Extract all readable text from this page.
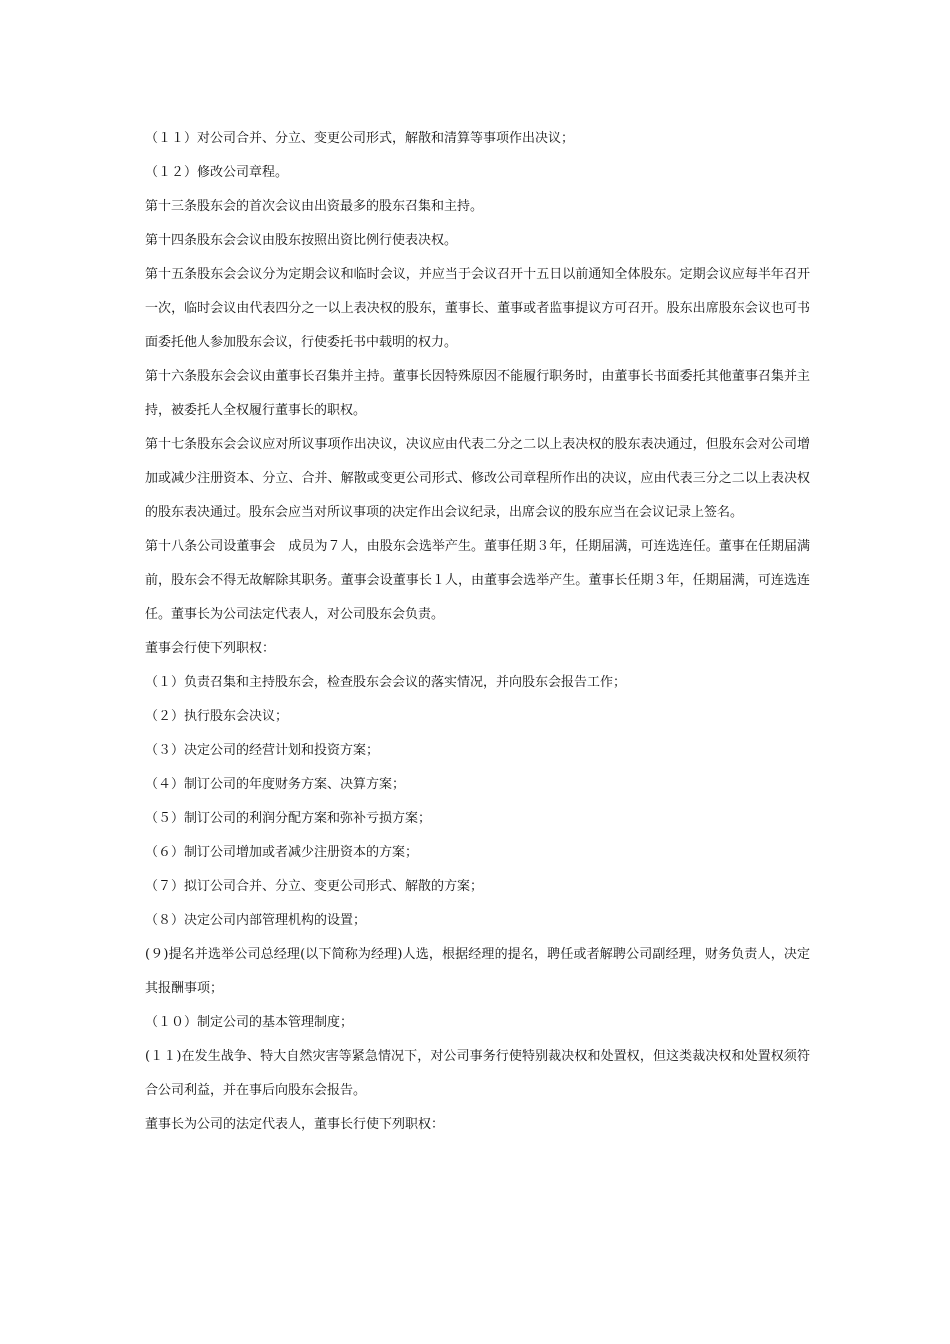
（１１）对公司合并、分立、变更公司形式，解散和清算等事项作出决议；

（１２）修改公司章程。

第十三条股东会的首次会议由出资最多的股东召集和主持。

第十四条股东会会议由股东按照出资比例行使表决权。

第十五条股东会会议分为定期会议和临时会议，并应当于会议召开十五日以前通知全体股东。定期会议应每半年召开一次，临时会议由代表四分之一以上表决权的股东，董事长、董事或者监事提议方可召开。股东出席股东会议也可书面委托他人参加股东会议，行使委托书中载明的权力。

第十六条股东会会议由董事长召集并主持。董事长因特殊原因不能履行职务时，由董事长书面委托其他董事召集并主持，被委托人全权履行董事长的职权。

第十七条股东会会议应对所议事项作出决议，决议应由代表二分之二以上表决权的股东表决通过，但股东会对公司增加或减少注册资本、分立、合并、解散或变更公司形式、修改公司章程所作出的决议，应由代表三分之二以上表决权的股东表决通过。股东会应当对所议事项的决定作出会议纪录，出席会议的股东应当在会议记录上签名。

第十八条公司设董事会　成员为７人，由股东会选举产生。董事任期３年，任期届满，可连选连任。董事在任期届满前，股东会不得无故解除其职务。董事会设董事长１人，由董事会选举产生。董事长任期３年，任期届满，可连选连任。董事长为公司法定代表人，对公司股东会负责。

董事会行使下列职权：

（１）负责召集和主持股东会，检查股东会会议的落实情况，并向股东会报告工作；

（２）执行股东会决议；

（３）决定公司的经营计划和投资方案；

（４）制订公司的年度财务方案、决算方案；

（５）制订公司的利润分配方案和弥补亏损方案；

（６）制订公司增加或者减少注册资本的方案；

（７）拟订公司合并、分立、变更公司形式、解散的方案；

（８）决定公司内部管理机构的设置；

(９)提名并选举公司总经理(以下简称为经理)人选，根据经理的提名，聘任或者解聘公司副经理，财务负责人，决定其报酬事项；

（１０）制定公司的基本管理制度；

(１１)在发生战争、特大自然灾害等紧急情况下，对公司事务行使特别裁决权和处置权，但这类裁决权和处置权须符合公司利益，并在事后向股东会报告。

董事长为公司的法定代表人，董事长行使下列职权：
